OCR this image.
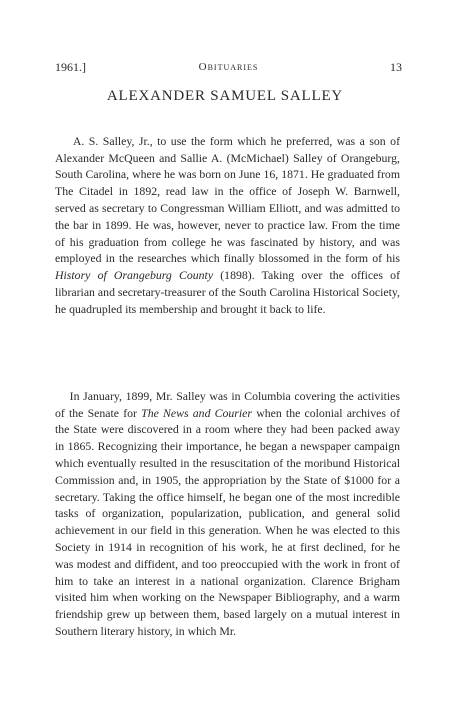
1961.]	Obituaries	13
ALEXANDER SAMUEL SALLEY

A. S. Salley, Jr., to use the form which he preferred, was a son of Alexander McQueen and Sallie A. (McMichael) Salley of Orangeburg, South Carolina, where he was born on June 16, 1871. He graduated from The Citadel in 1892, read law in the office of Joseph W. Barnwell, served as secretary to Congressman William Elliott, and was admitted to the bar in 1899. He was, however, never to practice law. From the time of his graduation from college he was fascinated by history, and was employed in the researches which finally blossomed in the form of his History of Orangeburg County (1898). Taking over the offices of librarian and secretary-treasurer of the South Carolina Historical Society, he quadrupled its membership and brought it back to life.

In January, 1899, Mr. Salley was in Columbia covering the activities of the Senate for The News and Courier when the colonial archives of the State were discovered in a room where they had been packed away in 1865. Recognizing their importance, he began a newspaper campaign which eventually resulted in the resuscitation of the moribund Historical Commission and, in 1905, the appropriation by the State of $1000 for a secretary. Taking the office himself, he began one of the most incredible tasks of organization, popularization, publication, and general solid achievement in our field in this generation. When he was elected to this Society in 1914 in recognition of his work, he at first declined, for he was modest and diffident, and too preoccupied with the work in front of him to take an interest in a national organization. Clarence Brigham visited him when working on the Newspaper Bibliography, and a warm friendship grew up between them, based largely on a mutual interest in Southern literary history, in which Mr.
